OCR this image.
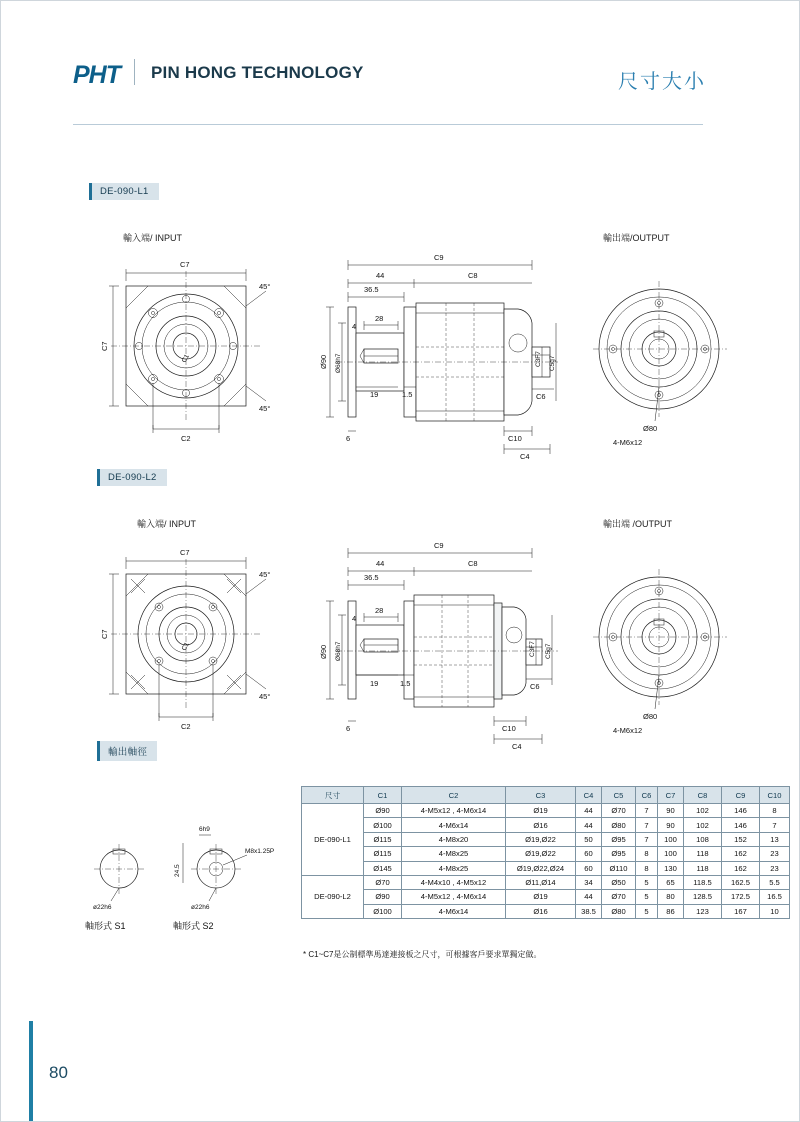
PHT PIN HONG TECHNOLOGY	尺寸大小
DE-090-L1
輸入端/ INPUT	輸出端/OUTPUT
45°
45°
C7
C7
C2
C1
C9
44
36.5
C8
Ø90 Ø68h7
4
28
19	1.5
6	C10
C4
C3F7 C5g7
C6
Ø80
4-M6x12
DE-090-L2
輸入端/ INPUT	輸出端 /OUTPUT
45°
45°
C7
C7
C2
C1
C9
44
36.5
C8
Ø90 Ø68h7
4
28
19	1.5
6	C10
C4
C3F7 C5g7
C6
Ø80
4-M6x12
輸出軸徑
ø22h6
6h9
24.5
M8x1.25P
ø22h6
軸形式 S1	軸形式 S2
尺寸	C1	C2	C3	C4	C5	C6	C7	C8	C9	C10
DE-090-L1	Ø90	4-M5x12 , 4-M6x14	Ø19	44	Ø70	7	90	102	146	8
	Ø100	4-M6x14	Ø16	44	Ø80	7	90	102	146	7
	Ø115	4-M8x20	Ø19,Ø22	50	Ø95	7	100	108	152	13
	Ø115	4-M8x25	Ø19,Ø22	60	Ø95	8	100	118	162	23
	Ø145	4-M8x25	Ø19,Ø22,Ø24	60	Ø110	8	130	118	162	23
DE-090-L2	Ø70	4-M4x10 , 4-M5x12	Ø11,Ø14	34	Ø50	5	65	118.5	162.5	5.5
	Ø90	4-M5x12 , 4-M6x14	Ø19	44	Ø70	5	80	128.5	172.5	16.5
	Ø100	4-M6x14	Ø16	38.5	Ø80	5	86	123	167	10
* C1~C7是公制標準馬達連接板之尺寸，可根據客戶要求單獨定做。
80
